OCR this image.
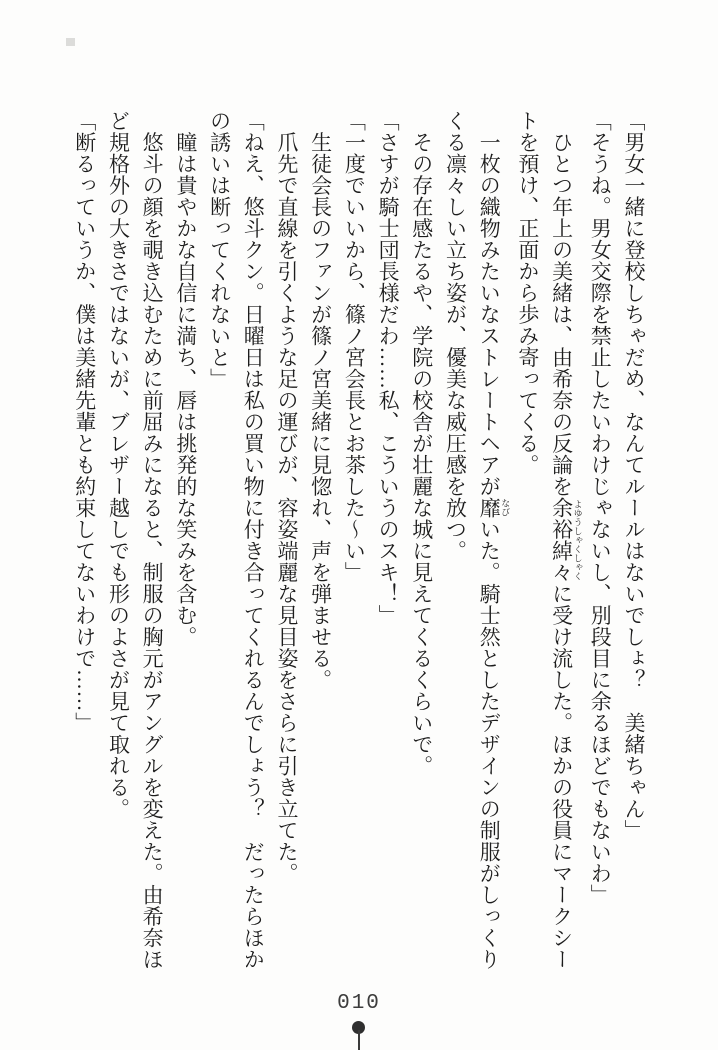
「男女一緒に登校しちゃだめ、なんてルールはないでしょ？　美緒ちゃん」

「そうね。男女交際を禁止したいわけじゃないし、別段目に余るほどでもないわ」

　ひとつ年上の美緒は、由希奈の反論を余裕綽々 よゆうしゃくしゃくに受け流した。ほかの役員にマークシー

トを預け、正面から歩み寄ってくる。

　一枚の織物みたいなストレートヘアが靡 なびいた。騎士然としたデザインの制服がしっくり

くる凛々しい立ち姿が、優美な威圧感を放つ。

　その存在感たるや、学院の校舎が壮麗な城に見えてくるくらいで。

「さすが騎士団長様だわ……私、こういうのスキ！」

「一度でいいから、篠ノ宮会長とお茶した〜い」

　生徒会長のファンが篠ノ宮美緒に見惚れ、声を弾ませる。

　爪先で直線を引くような足の運びが、容姿端麗な見目姿をさらに引き立てた。

「ねえ、悠斗クン。日曜日は私の買い物に付き合ってくれるんでしょう？　だったらほか

の誘いは断ってくれないと」

　瞳は貴やかな自信に満ち、唇は挑発的な笑みを含む。

　悠斗の顔を覗き込むために前屈みになると、制服の胸元がアングルを変えた。由希奈ほ

ど規格外の大きさではないが、ブレザー越しでも形のよさが見て取れる。

「断るっていうか、僕は美緒先輩とも約束してないわけで……」

010
